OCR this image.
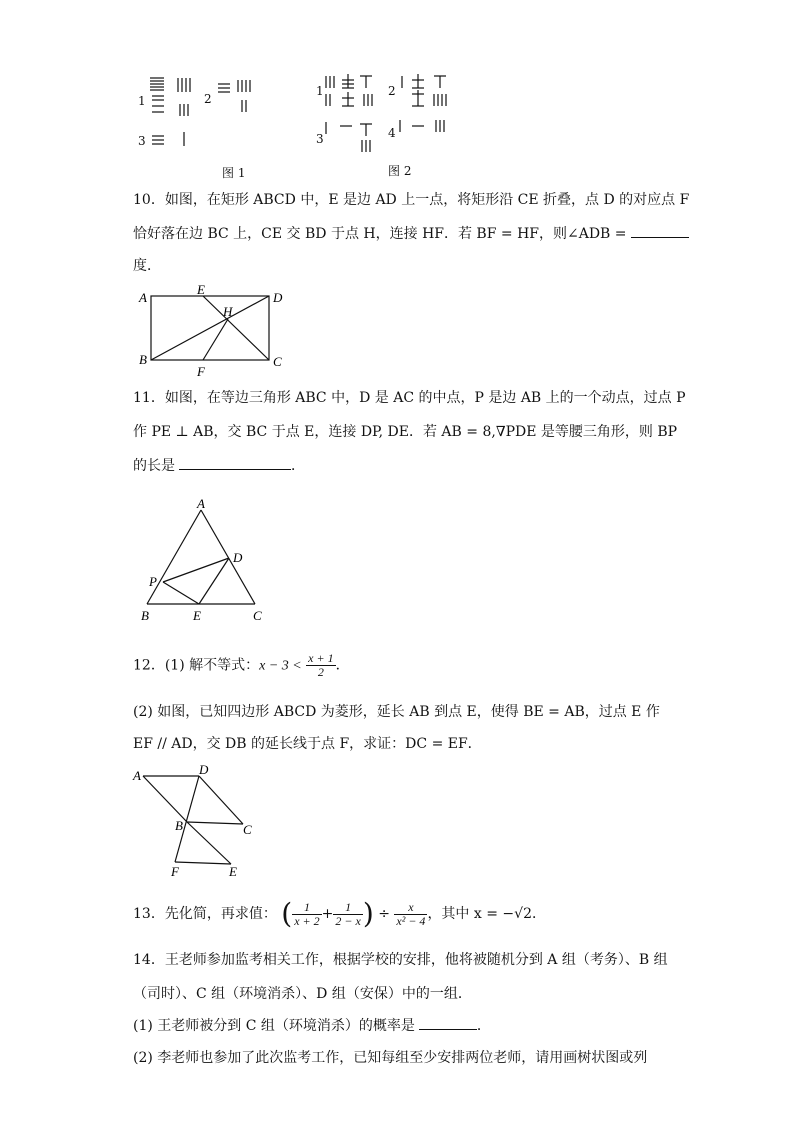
1	2
3
图 1
1	2
3	4
图 2
10．如图，在矩形 ABCD 中，E 是边 AD 上一点，将矩形沿 CE 折叠，点 D 的对应点 F
恰好落在边 BC 上，CE 交 BD 于点 H，连接 HF．若 BF = HF，则∠ADB =
度．
A
E
D
H
B
F
C
11．如图，在等边三角形 ABC 中，D 是 AC 的中点，P 是边 AB 上的一个动点，过点 P
作 PE ⊥ AB，交 BC 于点 E，连接 DP, DE．若 AB = 8,∇PDE 是等腰三角形，则 BP
的长是	．
A
D
P
B	E	C
12．(1) 解不等式：$x - 3 < \frac{x + 1}{2}$ ．
(2) 如图，已知四边形 ABCD 为菱形，延长 AB 到点 E，使得 BE = AB，过点 E 作
EF // AD，交 DB 的延长线于点 F，求证：DC = EF．
A	D
B	C
F	E
13．先化简，再求值： ( $\frac{1}{x + 2} + \frac{1}{2 - x}$ ) ÷ $\frac{x}{\text{x² − 4}}$ ，其中 x = −√2．
14．王老师参加监考相关工作，根据学校的安排，他将被随机分到 A 组（考务）、B 组
（司时）、C 组（环境消杀）、D 组（安保）中的一组．
(1) 王老师被分到 C 组（环境消杀）的概率是	．
(2) 李老师也参加了此次监考工作，已知每组至少安排两位老师，请用画树状图或列
